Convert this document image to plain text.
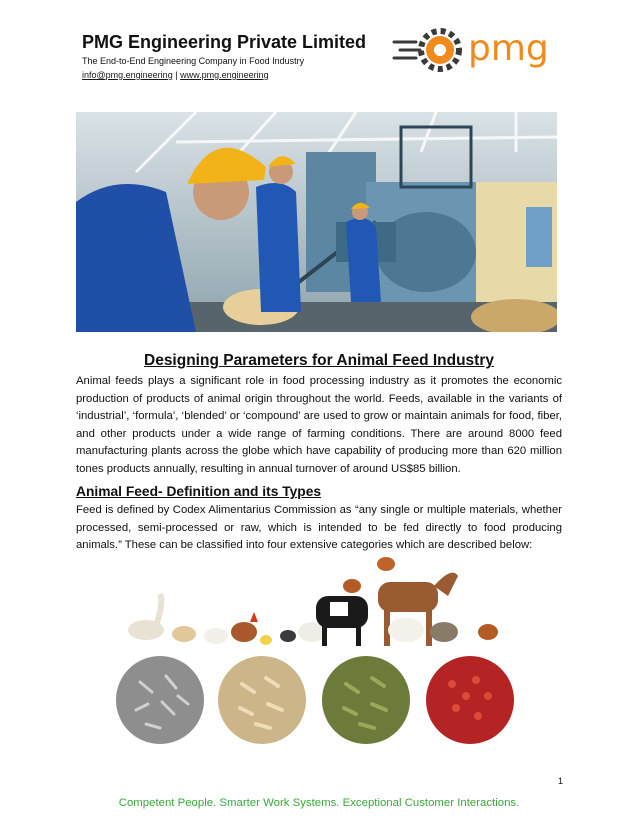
PMG Engineering Private Limited
The End-to-End Engineering Company in Food Industry
info@pmg.engineering | www.pmg.engineering
pmg
Designing Parameters for Animal Feed Industry

Animal feeds plays a significant role in food processing industry as it promotes the economic production of products of animal origin throughout the world. Feeds, available in the variants of ‘industrial’, ‘formula’, ‘blended’ or ‘compound’ are used to grow or maintain animals for food, fiber, and other products under a wide range of farming conditions. There are around 8000 feed manufacturing plants across the globe which have capability of producing more than 620 million tones products annually, resulting in annual turnover of around US$85 billion.

Animal Feed- Definition and its Types

Feed is defined by Codex Alimentarius Commission as “any single or multiple materials, whether processed, semi-processed or raw, which is intended to be fed directly to food producing animals.” These can be classified into four extensive categories which are described below:

1
Competent People. Smarter Work Systems. Exceptional Customer Interactions.
